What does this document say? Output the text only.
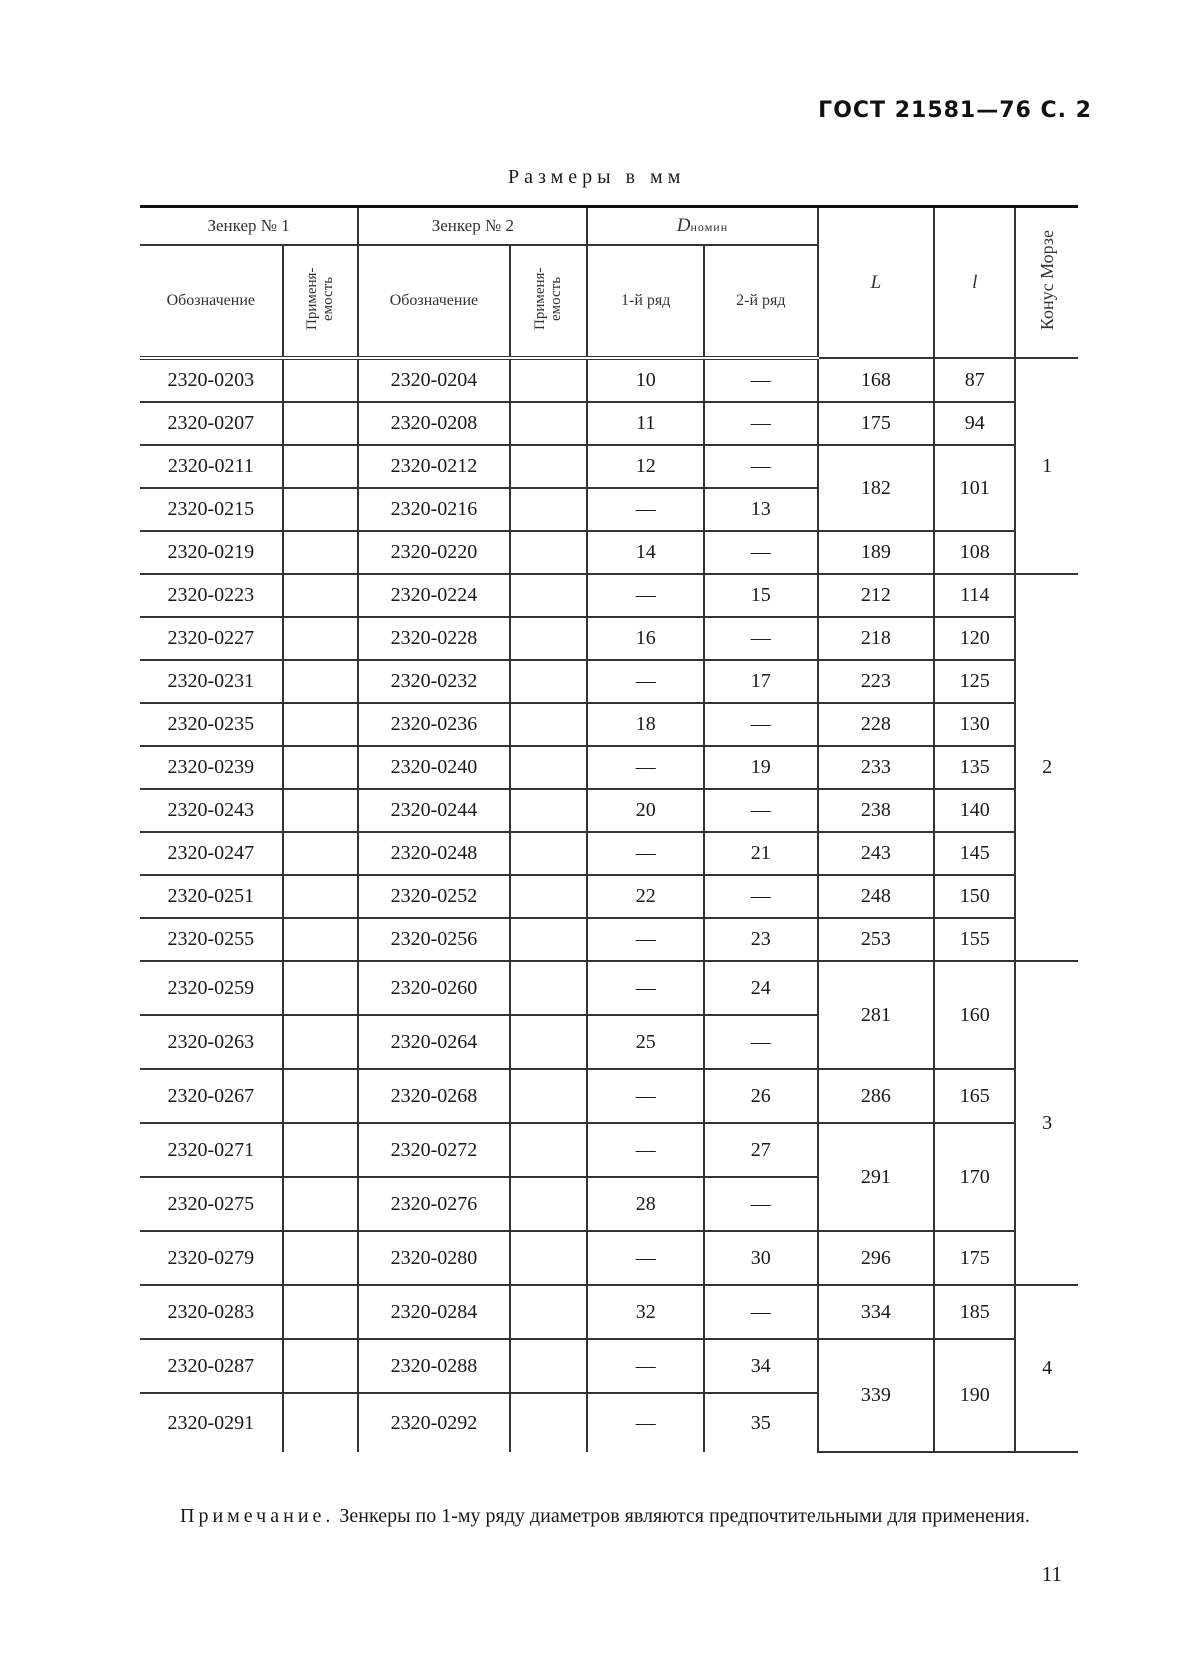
ГОСТ 21581—76 С. 2
Размеры в мм
Зенкер № 1		Зенкер № 2		Dномин		L	l	Конус Морзе
Обозначение	Применя-емость	Обозначение	Применя-емость	1-й ряд	2-й ряд			
2320-0203		2320-0204		10	—	168	87	1
2320-0207		2320-0208		11	—	175	94	
2320-0211		2320-0212		12	—	182	101	
2320-0215		2320-0216		—	13			
2320-0219		2320-0220		14	—	189	108	
2320-0223		2320-0224		—	15	212	114	2
2320-0227		2320-0228		16	—	218	120	
2320-0231		2320-0232		—	17	223	125	
2320-0235		2320-0236		18	—	228	130	
2320-0239		2320-0240		—	19	233	135	
2320-0243		2320-0244		20	—	238	140	
2320-0247		2320-0248		—	21	243	145	
2320-0251		2320-0252		22	—	248	150	
2320-0255		2320-0256		—	23	253	155	
2320-0259		2320-0260		—	24	281	160	3
2320-0263		2320-0264		25	—			
2320-0267		2320-0268		—	26	286	165	
2320-0271		2320-0272		—	27	291	170	
2320-0275		2320-0276		28	—			
2320-0279		2320-0280		—	30	296	175	
2320-0283		2320-0284		32	—	334	185	4
2320-0287		2320-0288		—	34	339	190	
2320-0291		2320-0292		—	35			
Примечание. Зенкеры по 1-му ряду диаметров являются предпочтительными для применения.
11
